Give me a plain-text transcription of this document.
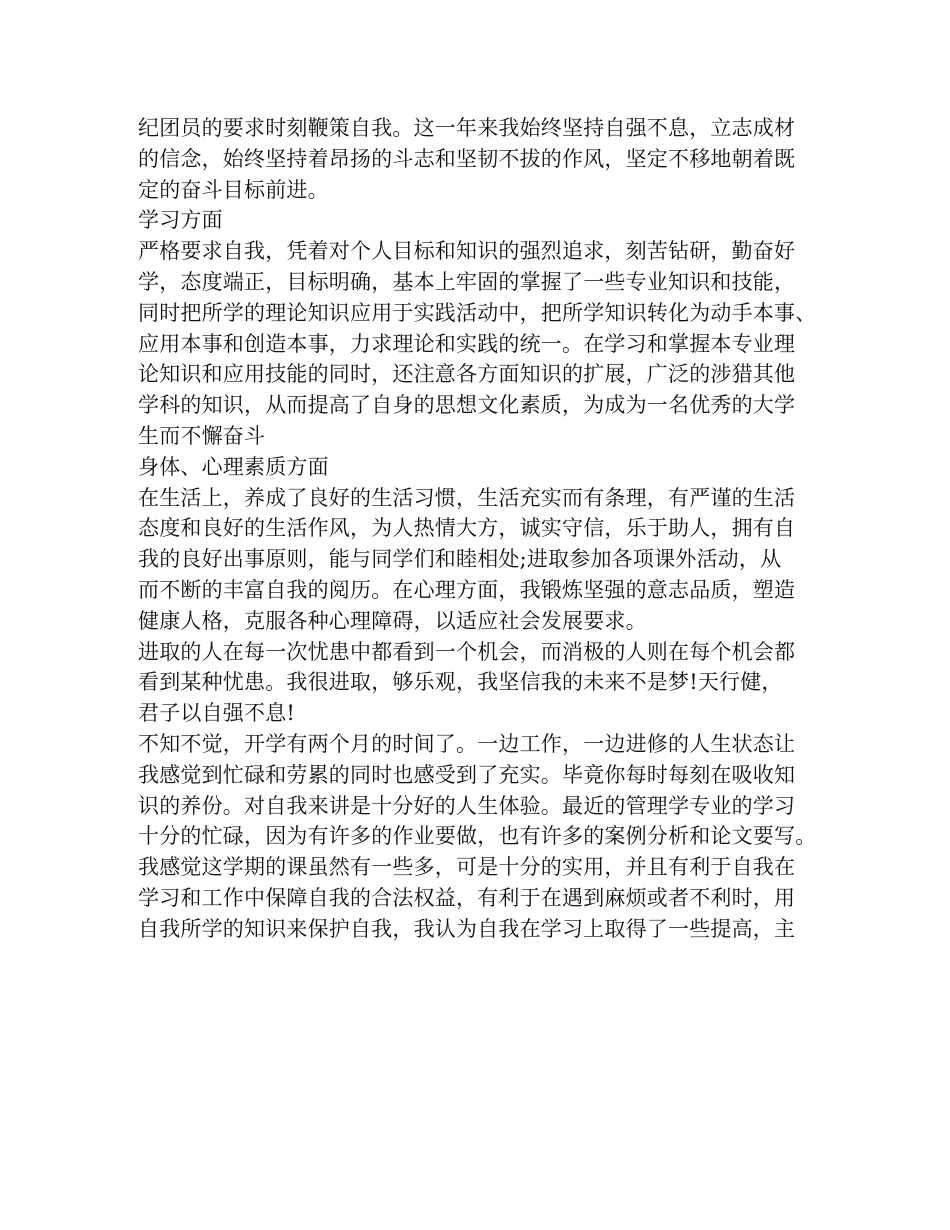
纪团员的要求时刻鞭策自我。这一年来我始终坚持自强不息，立志成材
的信念，始终坚持着昂扬的斗志和坚韧不拔的作风，坚定不移地朝着既
定的奋斗目标前进。
学习方面
严格要求自我，凭着对个人目标和知识的强烈追求，刻苦钻研，勤奋好
学，态度端正，目标明确，基本上牢固的掌握了一些专业知识和技能，
同时把所学的理论知识应用于实践活动中，把所学知识转化为动手本事、
应用本事和创造本事，力求理论和实践的统一。在学习和掌握本专业理
论知识和应用技能的同时，还注意各方面知识的扩展，广泛的涉猎其他
学科的知识，从而提高了自身的思想文化素质，为成为一名优秀的大学
生而不懈奋斗
身体、心理素质方面
在生活上，养成了良好的生活习惯，生活充实而有条理，有严谨的生活
态度和良好的生活作风，为人热情大方，诚实守信，乐于助人，拥有自
我的良好出事原则，能与同学们和睦相处;进取参加各项课外活动，从
而不断的丰富自我的阅历。在心理方面，我锻炼坚强的意志品质，塑造
健康人格，克服各种心理障碍，以适应社会发展要求。
进取的人在每一次忧患中都看到一个机会，而消极的人则在每个机会都
看到某种忧患。我很进取，够乐观，我坚信我的未来不是梦!天行健，
君子以自强不息!
不知不觉，开学有两个月的时间了。一边工作，一边进修的人生状态让
我感觉到忙碌和劳累的同时也感受到了充实。毕竟你每时每刻在吸收知
识的养份。对自我来讲是十分好的人生体验。最近的管理学专业的学习
十分的忙碌，因为有许多的作业要做，也有许多的案例分析和论文要写。
我感觉这学期的课虽然有一些多，可是十分的实用，并且有利于自我在
学习和工作中保障自我的合法权益，有利于在遇到麻烦或者不利时，用
自我所学的知识来保护自我，我认为自我在学习上取得了一些提高，主
